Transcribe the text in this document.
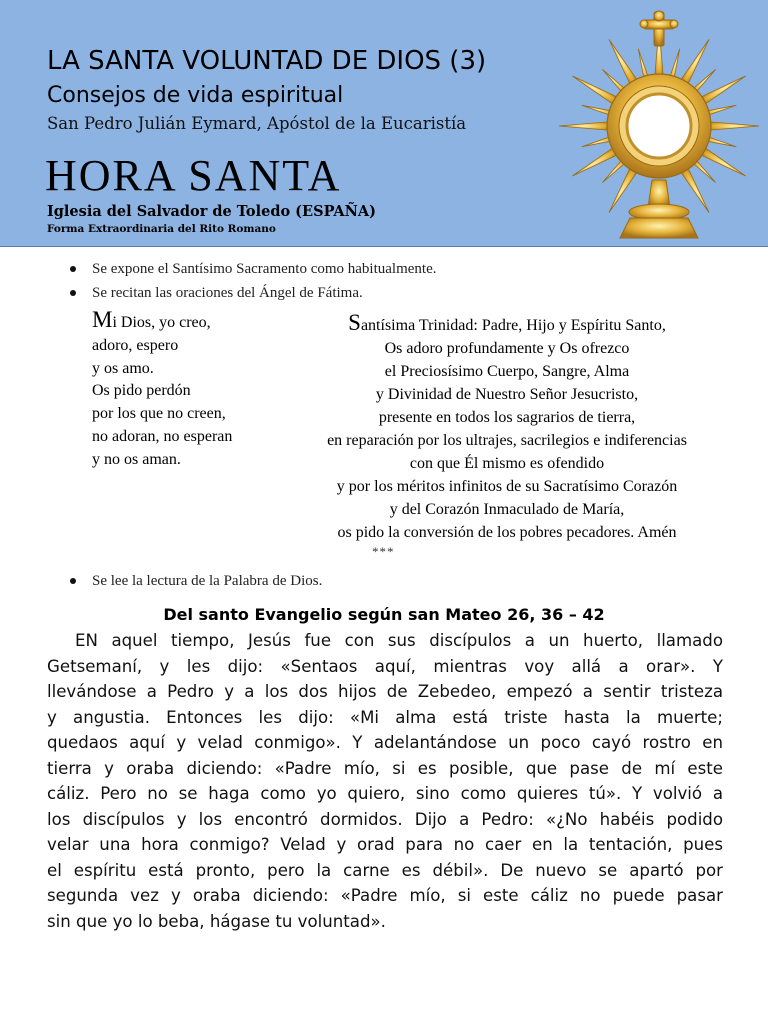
LA SANTA VOLUNTAD DE DIOS (3)
Consejos de vida espiritual
San Pedro Julián Eymard, Apóstol de la Eucaristía
HORA SANTA
Iglesia del Salvador de Toledo (ESPAÑA)
Forma Extraordinaria del Rito Romano
Se expone el Santísimo Sacramento como habitualmente.
Se recitan las oraciones del Ángel de Fátima.
Mi Dios, yo creo,
adoro, espero
y os amo.
Os pido perdón
por los que no creen,
no adoran, no esperan
y no os aman.
Santísima Trinidad: Padre, Hijo y Espíritu Santo,
Os adoro profundamente y Os ofrezco
el Preciosísimo Cuerpo, Sangre, Alma
y Divinidad de Nuestro Señor Jesucristo,
presente en todos los sagrarios de tierra,
en reparación por los ultrajes, sacrilegios e indiferencias
con que Él mismo es ofendido
y por los méritos infinitos de su Sacratísimo Corazón
y del Corazón Inmaculado de María,
os pido la conversión de los pobres pecadores. Amén
***
Se lee la lectura de la Palabra de Dios.
Del santo Evangelio según san Mateo 26, 36 – 42
EN aquel tiempo, Jesús fue con sus discípulos a un huerto, llamado
Getsemaní, y les dijo: «Sentaos aquí, mientras voy allá a orar». Y
llevándose a Pedro y a los dos hijos de Zebedeo, empezó a sentir tristeza
y angustia. Entonces les dijo: «Mi alma está triste hasta la muerte;
quedaos aquí y velad conmigo». Y adelantándose un poco cayó rostro en
tierra y oraba diciendo: «Padre mío, si es posible, que pase de mí este
cáliz. Pero no se haga como yo quiero, sino como quieres tú». Y volvió a
los discípulos y los encontró dormidos. Dijo a Pedro: «¿No habéis podido
velar una hora conmigo? Velad y orad para no caer en la tentación, pues
el espíritu está pronto, pero la carne es débil». De nuevo se apartó por
segunda vez y oraba diciendo: «Padre mío, si este cáliz no puede pasar
sin que yo lo beba, hágase tu voluntad».
